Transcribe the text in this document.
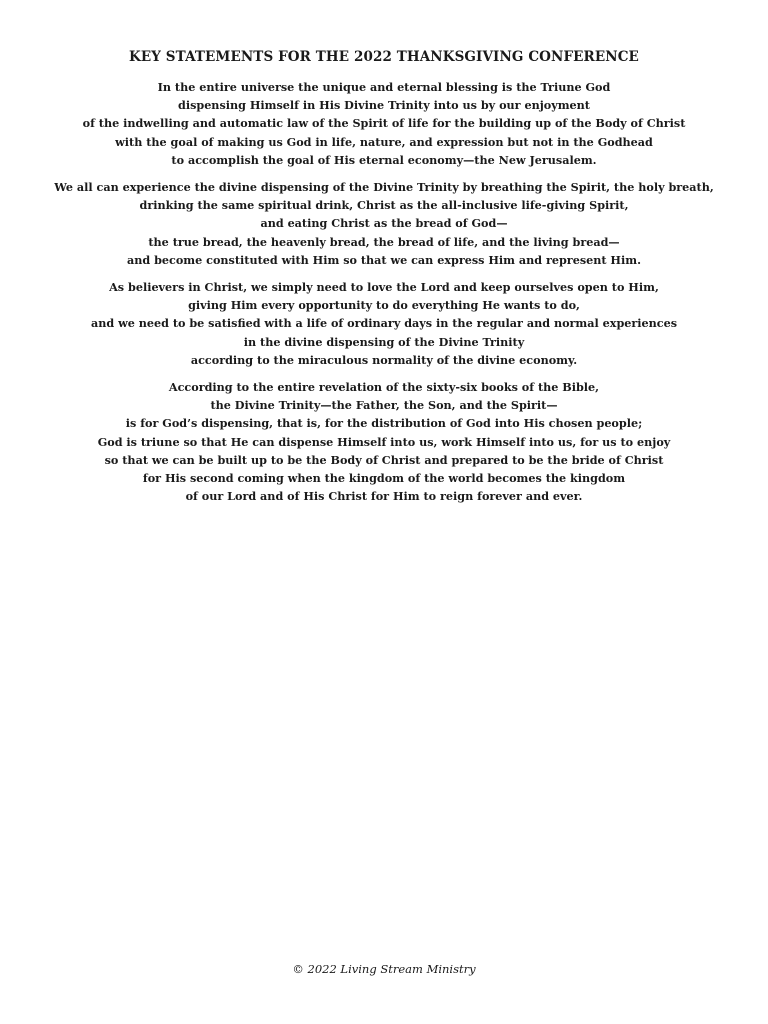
KEY STATEMENTS FOR THE 2022 THANKSGIVING CONFERENCE

In the entire universe the unique and eternal blessing is the Triune God
dispensing Himself in His Divine Trinity into us by our enjoyment
of the indwelling and automatic law of the Spirit of life for the building up of the Body of Christ
with the goal of making us God in life, nature, and expression but not in the Godhead
to accomplish the goal of His eternal economy—the New Jerusalem.

We all can experience the divine dispensing of the Divine Trinity by breathing the Spirit, the holy breath,
drinking the same spiritual drink, Christ as the all-inclusive life-giving Spirit,
and eating Christ as the bread of God—
the true bread, the heavenly bread, the bread of life, and the living bread—
and become constituted with Him so that we can express Him and represent Him.

As believers in Christ, we simply need to love the Lord and keep ourselves open to Him,
giving Him every opportunity to do everything He wants to do,
and we need to be satisfied with a life of ordinary days in the regular and normal experiences
in the divine dispensing of the Divine Trinity
according to the miraculous normality of the divine economy.

According to the entire revelation of the sixty-six books of the Bible,
the Divine Trinity—the Father, the Son, and the Spirit—
is for God’s dispensing, that is, for the distribution of God into His chosen people;
God is triune so that He can dispense Himself into us, work Himself into us, for us to enjoy
so that we can be built up to be the Body of Christ and prepared to be the bride of Christ
for His second coming when the kingdom of the world becomes the kingdom
of our Lord and of His Christ for Him to reign forever and ever.

© 2022 Living Stream Ministry
